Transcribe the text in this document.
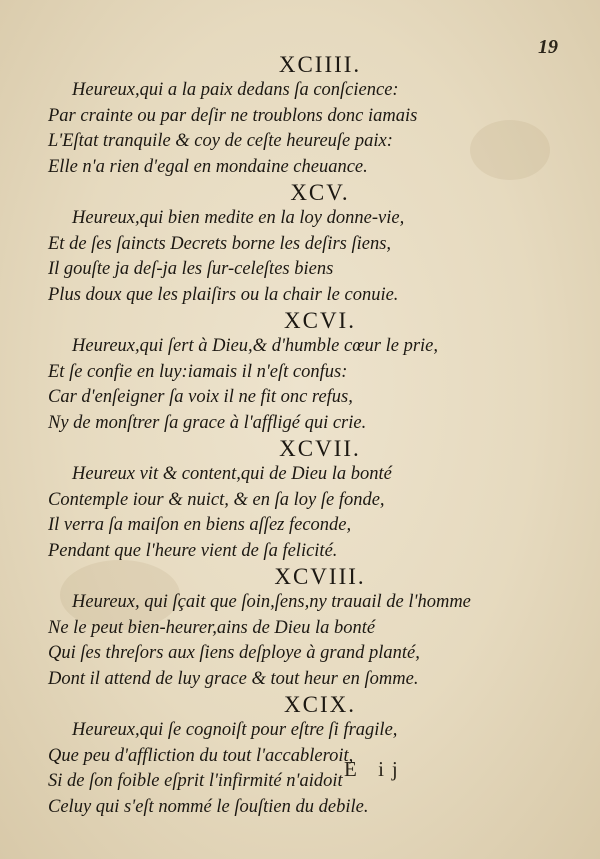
19
XCIIII.
Heureux,qui a la paix dedans ſa conſcience:
Par crainte ou par deſir ne troublons donc iamais
L'Eſtat tranquile & coy de ceſte heureuſe paix:
Elle n'a rien d'egal en mondaine cheuance.
XCV.
Heureux,qui bien medite en la loy donne-vie,
Et de ſes ſaincts Decrets borne les deſirs ſiens,
Il gouſte ja deſ-ja les ſur-celeſtes biens
Plus doux que les plaiſirs ou la chair le conuie.
XCVI.
Heureux,qui ſert à Dieu,& d'humble cœur le prie,
Et ſe confie en luy:iamais il n'eſt confus:
Car d'enſeigner ſa voix il ne fit onc refus,
Ny de monſtrer ſa grace à l'affligé qui crie.
XCVII.
Heureux vit & content,qui de Dieu la bonté
Contemple iour & nuict, & en ſa loy ſe fonde,
Il verra ſa maiſon en biens aſſez feconde,
Pendant que l'heure vient de ſa felicité.
XCVIII.
Heureux, qui ſçait que ſoin,ſens,ny trauail de l'homme
Ne le peut bien-heurer,ains de Dieu la bonté
Qui ſes threſors aux ſiens deſploye à grand planté,
Dont il attend de luy grace & tout heur en ſomme.
XCIX.
Heureux,qui ſe cognoiſt pour eſtre ſi fragile,
Que peu d'affliction du tout l'accableroit,
Si de ſon foible eſprit l'infirmité n'aidoit
Celuy qui s'eſt nommé le ſouſtien du debile.
E ij
